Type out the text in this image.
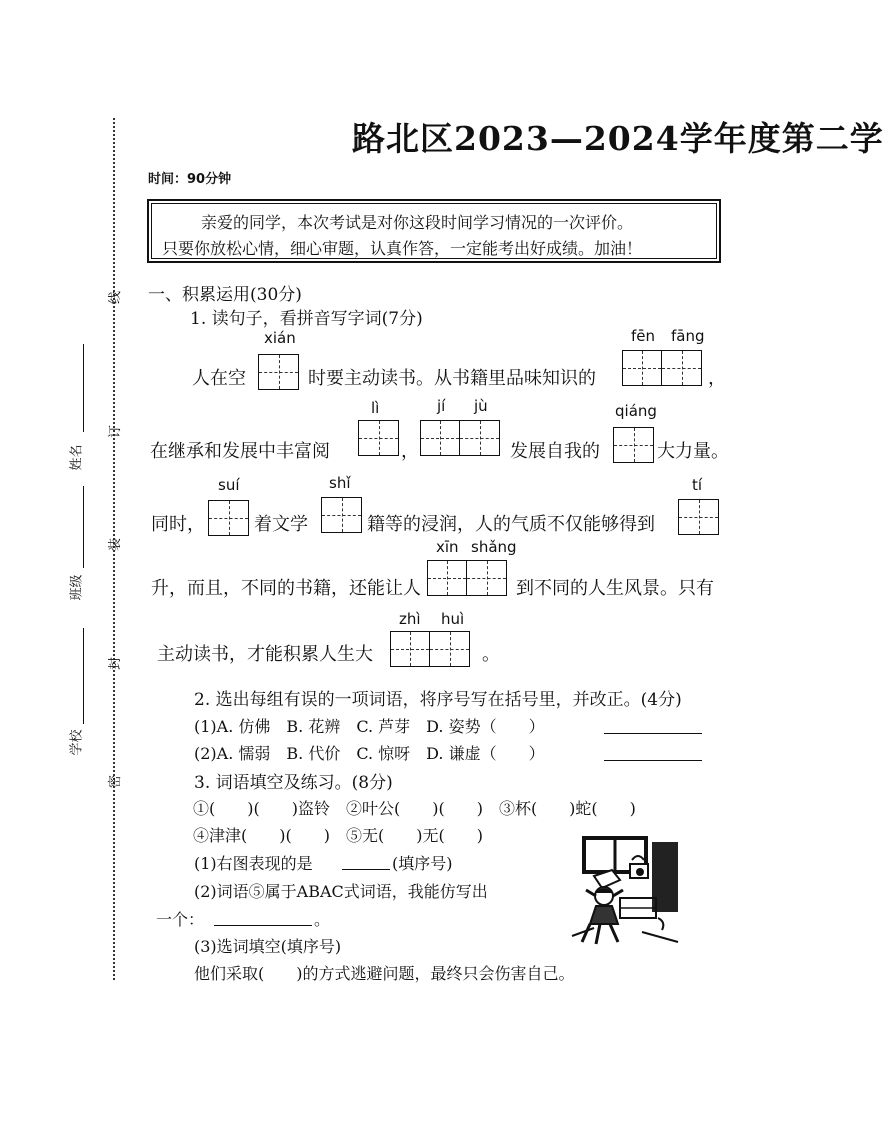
线
订
装
封
密
姓名
班级
学校
路北区2023—2024学年度第二学
时间：90分钟
亲爱的同学，本次考试是对你这段时间学习情况的一次评价。
只要你放松心情，细心审题，认真作答，一定能考出好成绩。加油！
一、积累运用(30分)
1. 读句子，看拼音写字词(7分)
xián	fēn fāng
人在空	时要主动读书。从书籍里品味知识的	，
lì	jí jù	qiáng
在继承和发展中丰富阅	，	发展自我的	大力量。
suí	shǐ	tí
同时，	着文学	籍等的浸润，人的气质不仅能够得到
xīn shǎng
升，而且，不同的书籍，还能让人	到不同的人生风景。只有
zhì huì
主动读书，才能积累人生大	。
2. 选出每组有误的一项词语，将序号写在括号里，并改正。(4分)
(1)A. 仿佛　B. 花辨　C. 芦芽　D. 姿势（　　）
(2)A. 懦弱　B. 代价　C. 惊呀　D. 谦虚（　　）
3. 词语填空及练习。(8分)
①(　　)(　　)盗铃　②叶公(　　)(　　)　③杯(　　)蛇(　　)
④津津(　　)(　　)　⑤无(　　)无(　　)
(1)右图表现的是	(填序号)
(2)词语⑤属于ABAC式词语，我能仿写出
一个：	。
(3)选词填空(填序号)
他们采取(　　)的方式逃避问题，最终只会伤害自己。
